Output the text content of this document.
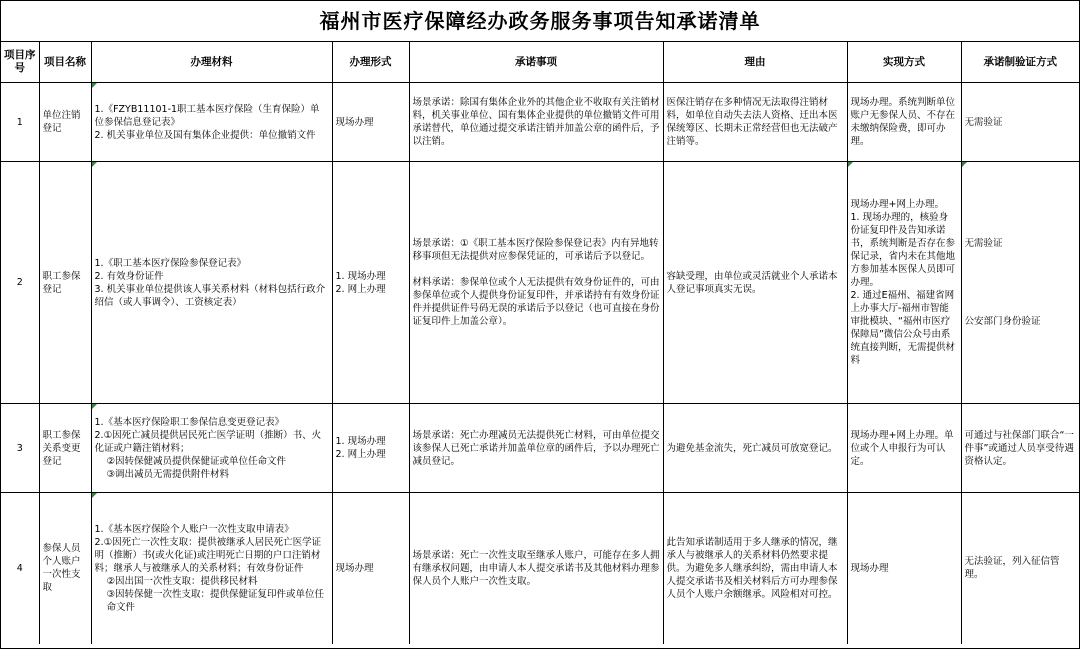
福州市医疗保障经办政务服务事项告知承诺清单
项目序号	项目名称	办理材料	办理形式	承诺事项	理由	实现方式	承诺制验证方式
1	单位注销登记	1.《FZYB11101-1职工基本医疗保险（生育保险）单位参保信息登记表》
2. 机关事业单位及国有集体企业提供：单位撤销文件	现场办理	场景承诺：除国有集体企业外的其他企业不收取有关注销材料，机关事业单位、国有集体企业提供的单位撤销文件可用承诺替代，单位通过提交承诺注销并加盖公章的函件后，予以注销。	医保注销存在多种情况无法取得注销材料，如单位自动失去法人资格、迁出本医保统筹区、长期未正常经营但也无法破产注销等。	现场办理。系统判断单位账户无参保人员、不存在未缴纳保险费，即可办理。	无需验证

2	职工参保登记	1.《职工基本医疗保险参保登记表》
2. 有效身份证件
3. 机关事业单位提供该人事关系材料（材料包括行政介绍信（或人事调令）、工资核定表）	1. 现场办理
2. 网上办理	场景承诺：①《职工基本医疗保险参保登记表》内有异地转移事项但无法提供对应参保凭证的，可承诺后予以登记。
材料承诺：参保单位或个人无法提供有效身份证件的，可由参保单位或个人提供身份证复印件，并承诺持有有效身份证件并提供证件号码无误的承诺后予以登记（也可直接在身份证复印件上加盖公章）。	容缺受理，由单位或灵活就业个人承诺本人登记事项真实无误。	现场办理+网上办理。
1. 现场办理的，核验身份证复印件及告知承诺书，系统判断是否存在参保记录，省内未在其他地方参加基本医保人员即可办理。
2. 通过E福州、福建省网上办事大厅-福州市智能审批模块、“福州市医疗保障局”微信公众号由系统直接判断，无需提供材料	无需验证
公安部门身份验证

3	职工参保关系变更登记	1.《基本医疗保险职工参保信息变更登记表》
2.①因死亡减员提供居民死亡医学证明（推断）书、火化证或户籍注销材料；
②因转保健减员提供保健证或单位任命文件
③调出减员无需提供附件材料	1. 现场办理
2. 网上办理	场景承诺：死亡办理减员无法提供死亡材料，可由单位提交该参保人已死亡承诺并加盖单位章的函件后，予以办理死亡减员登记。	为避免基金流失，死亡减员可放宽登记。	现场办理+网上办理。单位或个人申报行为可认定。	可通过与社保部门联合“一件事”或通过人员享受待遇资格认定。

4	参保人员个人账户一次性支取	1.《基本医疗保险个人账户一次性支取申请表》
2.①因死亡一次性支取：提供被继承人居民死亡医学证明（推断）书(或火化证)或注明死亡日期的户口注销材料；继承人与被继承人的关系材料；有效身份证件
②因出国一次性支取：提供移民材料
③因转保健一次性支取：提供保健证复印件或单位任命文件	现场办理	场景承诺：死亡一次性支取至继承人账户，可能存在多人拥有继承权问题，由申请人本人提交承诺书及其他材料办理参保人员个人账户一次性支取。	此告知承诺制适用于多人继承的情况，继承人与被继承人的关系材料仍然要求提供。为避免多人继承纠纷，需由申请人本人提交承诺书及相关材料后方可办理参保人员个人账户余额继承。风险相对可控。	现场办理	无法验证，列入征信管理。
